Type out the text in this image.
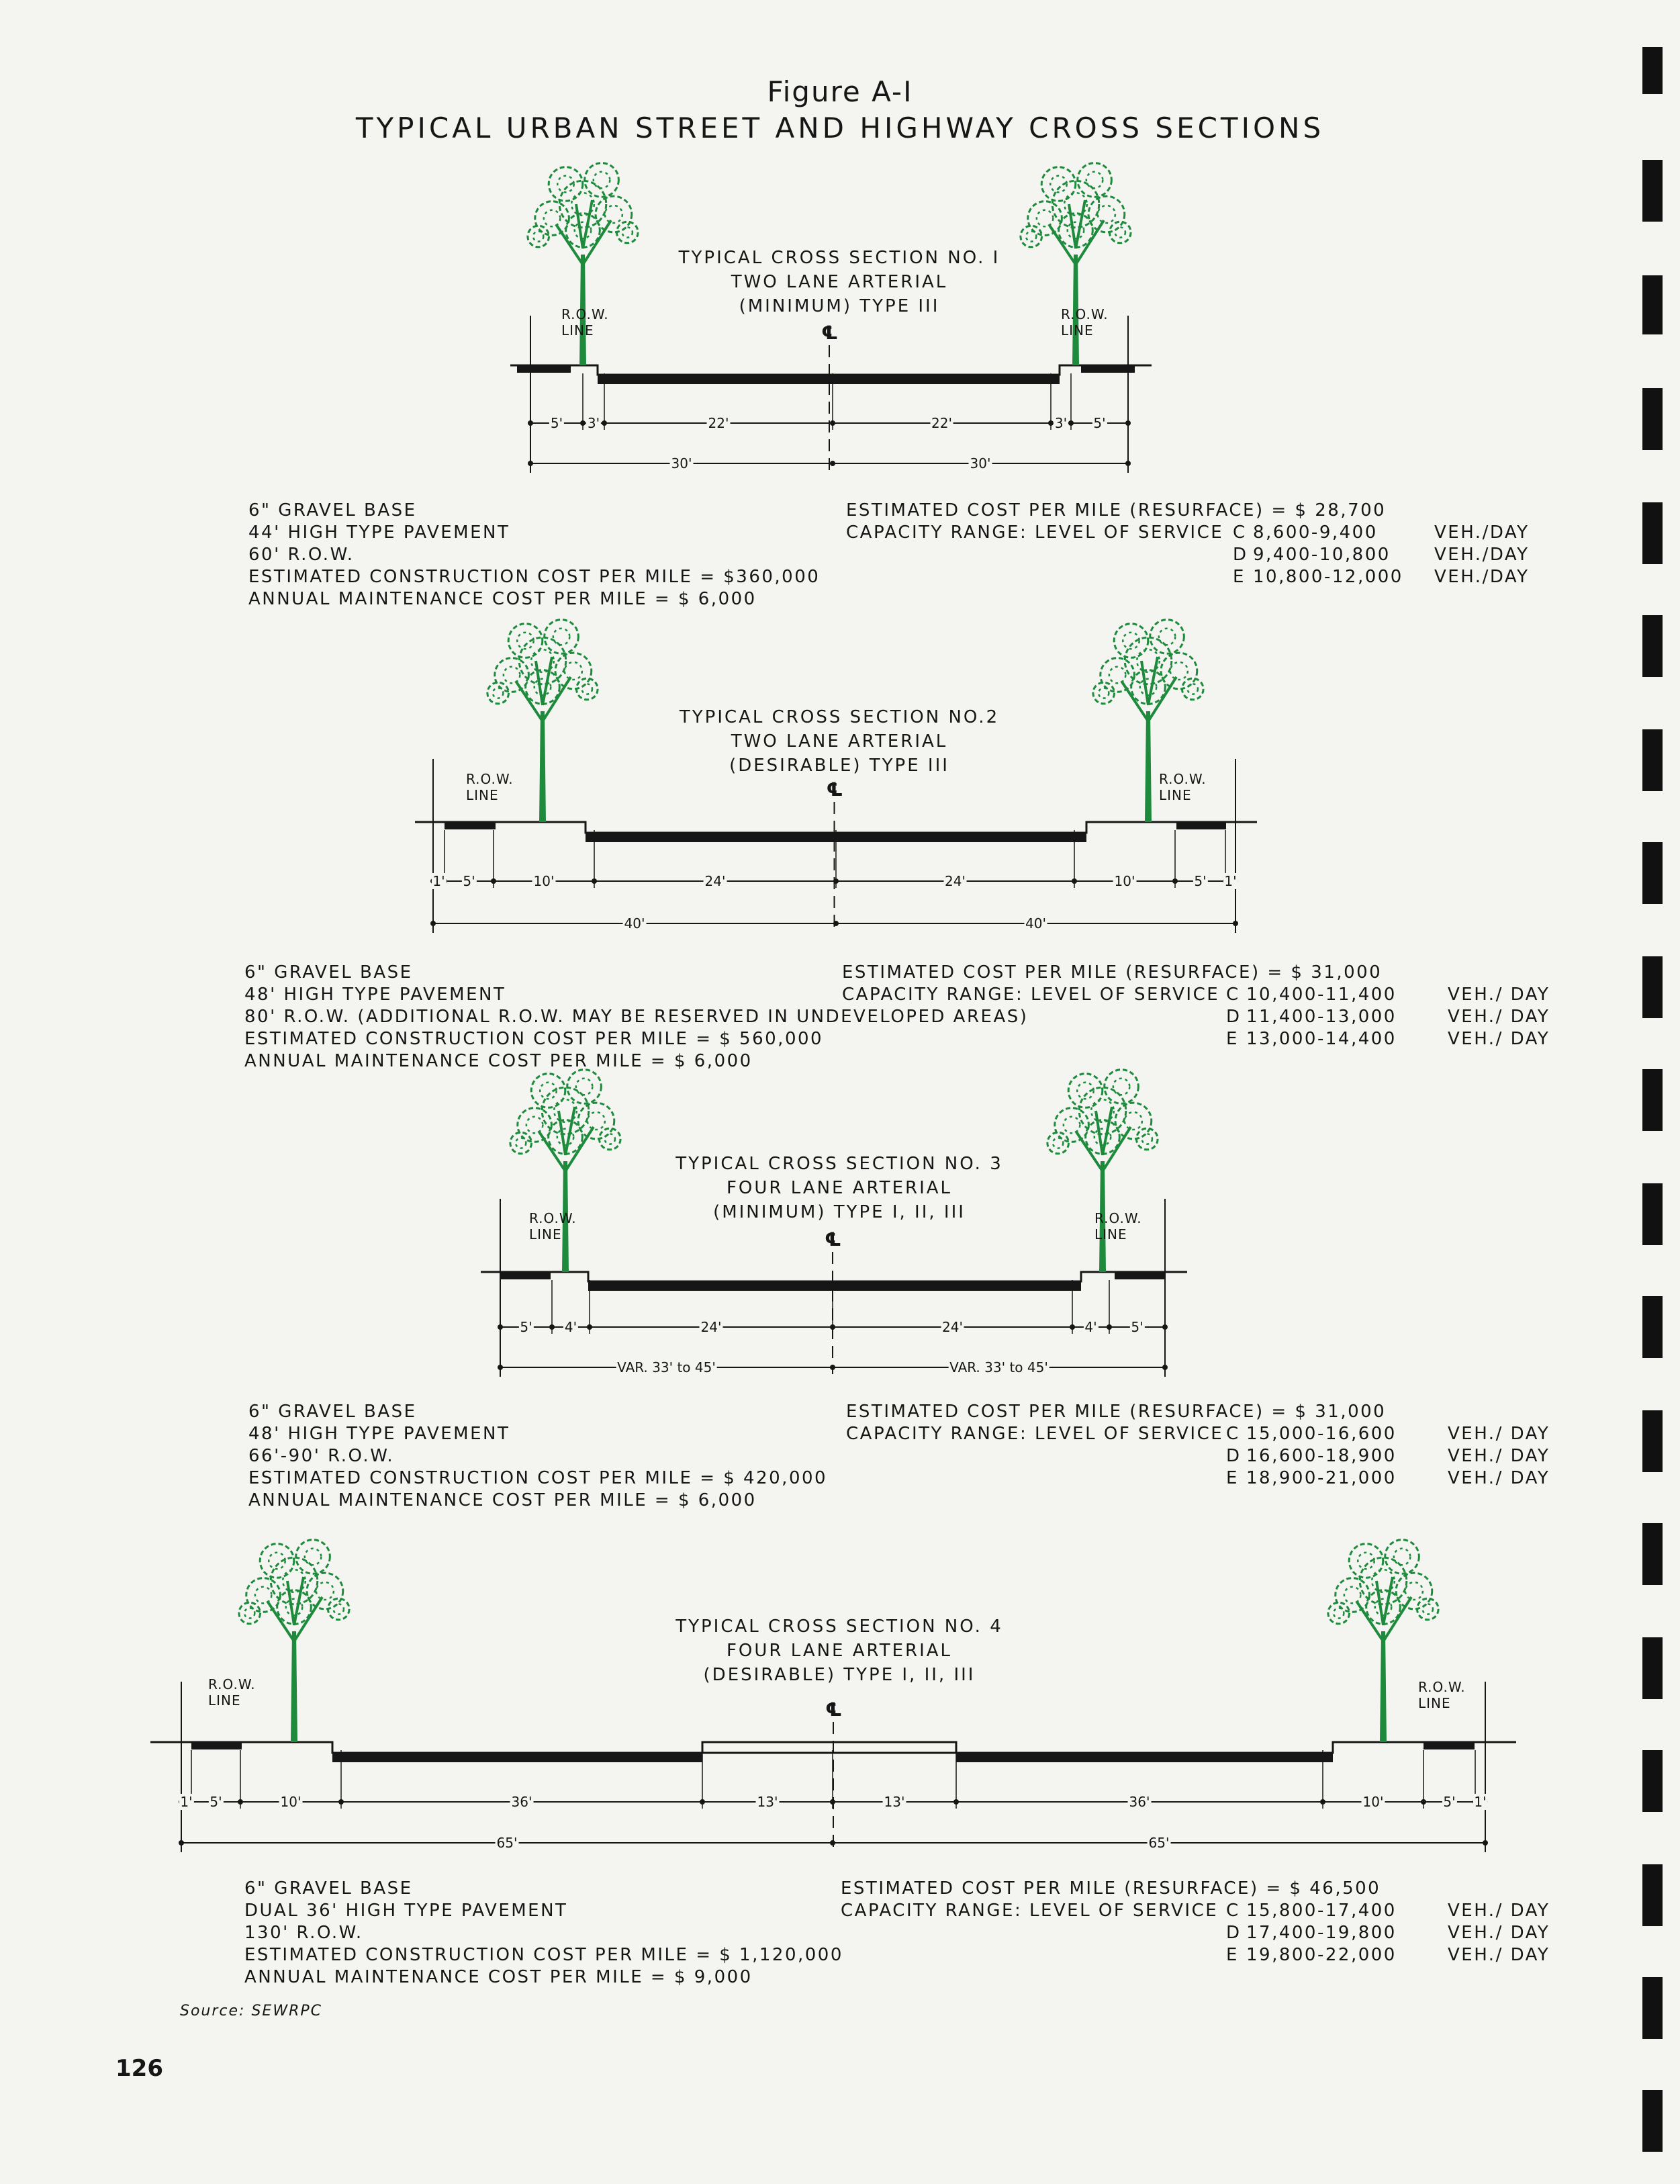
Figure A-I
TYPICAL URBAN STREET AND HIGHWAY CROSS SECTIONS
TYPICAL CROSS SECTION NO. I
TWO LANE ARTERIAL
(MINIMUM) TYPE III
6" GRAVEL BASE
44' HIGH TYPE PAVEMENT
60' R.O.W.
ESTIMATED CONSTRUCTION COST PER MILE = $360,000
ANNUAL MAINTENANCE COST PER MILE = $ 6,000
ESTIMATED COST PER MILE (RESURFACE) = $ 28,700
CAPACITY RANGE: LEVEL OF SERVICE C 8,600-9,400	VEH./DAY
D 9,400-10,800	VEH./DAY
E 10,800-12,000	VEH./DAY
TYPICAL CROSS SECTION NO.2
TWO LANE ARTERIAL
(DESIRABLE) TYPE III
6" GRAVEL BASE
48' HIGH TYPE PAVEMENT
80' R.O.W. (ADDITIONAL R.O.W. MAY BE RESERVED IN UNDEVELOPED AREAS)
ESTIMATED CONSTRUCTION COST PER MILE = $ 560,000
ANNUAL MAINTENANCE COST PER MILE = $ 6,000
ESTIMATED COST PER MILE (RESURFACE) = $ 31,000
CAPACITY RANGE: LEVEL OF SERVICE C 10,400-11,400	VEH./ DAY
D 11,400-13,000	VEH./ DAY
E 13,000-14,400	VEH./ DAY
TYPICAL CROSS SECTION NO. 3
FOUR LANE ARTERIAL
(MINIMUM) TYPE I, II, III
6" GRAVEL BASE
48' HIGH TYPE PAVEMENT
66'-90' R.O.W.
ESTIMATED CONSTRUCTION COST PER MILE = $ 420,000
ANNUAL MAINTENANCE COST PER MILE = $ 6,000
ESTIMATED COST PER MILE (RESURFACE) = $ 31,000
CAPACITY RANGE: LEVEL OF SERVICE C 15,000-16,600	VEH./ DAY
D 16,600-18,900	VEH./ DAY
E 18,900-21,000	VEH./ DAY
TYPICAL CROSS SECTION NO. 4
FOUR LANE ARTERIAL
(DESIRABLE) TYPE I, II, III
6" GRAVEL BASE
DUAL 36' HIGH TYPE PAVEMENT
130' R.O.W.
ESTIMATED CONSTRUCTION COST PER MILE = $ 1,120,000
ANNUAL MAINTENANCE COST PER MILE = $ 9,000
ESTIMATED COST PER MILE (RESURFACE) = $ 46,500
CAPACITY RANGE: LEVEL OF SERVICE C 15,800-17,400	VEH./ DAY
D 17,400-19,800	VEH./ DAY
E 19,800-22,000	VEH./ DAY
Source: SEWRPC
126
℄
R.O.W.
LINE
R.O.W.
LINE
5' 3'	22'	22'	3' 5'
30'	30'
℄
R.O.W.
LINE
R.O.W.
LINE
1' 5'	10'	24'	24'	10'	5' 1'
40'	40'
℄
R.O.W.
LINE
R.O.W.
LINE
5' 4'	24'	24'	4'	5'
VAR. 33' to 45'	VAR. 33' to 45'
℄
R.O.W.
LINE
R.O.W.
LINE
1' 5'	10'	36'	13'	13'	36'	10'	5' 1'
65'	65'
